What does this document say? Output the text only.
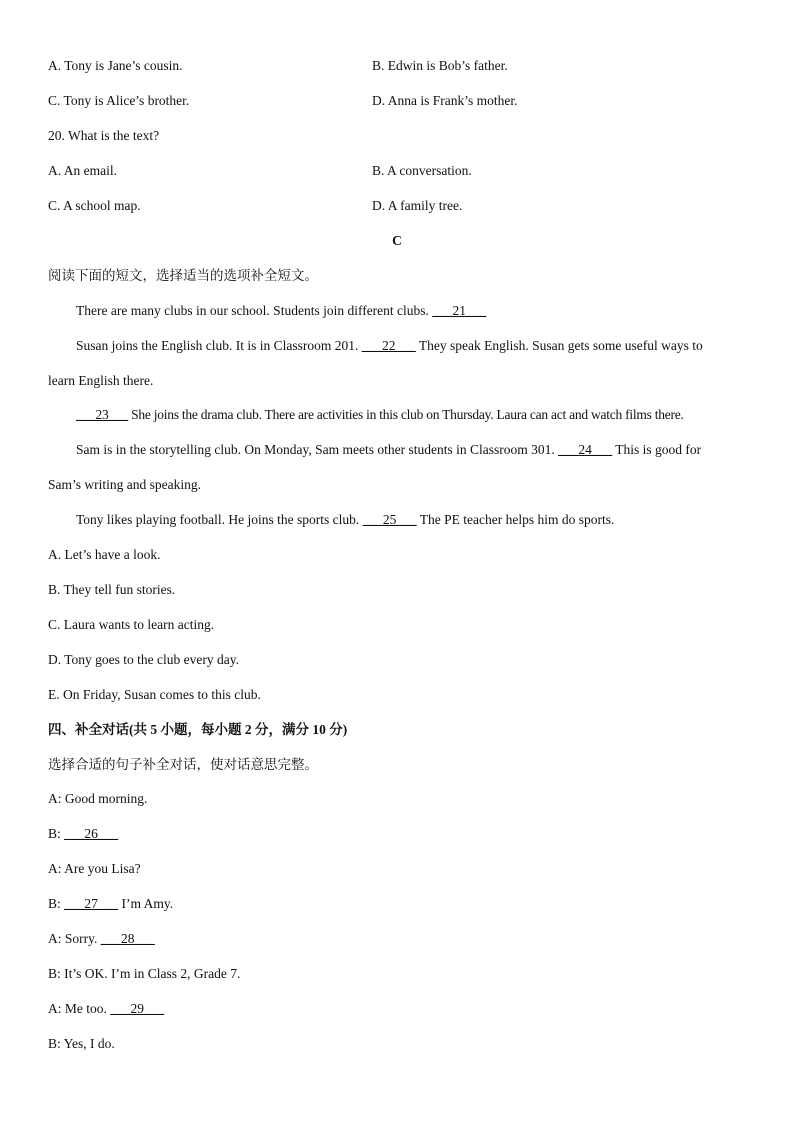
A. Tony is Jane’s cousin.	B. Edwin is Bob’s father.
C. Tony is Alice’s brother.	D. Anna is Frank’s mother.
20. What is the text?
A. An email.	B. A conversation.
C. A school map.	D. A family tree.
C
阅读下面的短文，选择适当的选项补全短文。
There are many clubs in our school. Students join different clubs. ___21___
Susan joins the English club. It is in Classroom 201. ___22___ They speak English. Susan gets some useful ways to
learn English there.
___23___ She joins the drama club. There are activities in this club on Thursday. Laura can act and watch films there.
Sam is in the storytelling club. On Monday, Sam meets other students in Classroom 301. ___24___ This is good for
Sam’s writing and speaking.
Tony likes playing football. He joins the sports club. ___25___ The PE teacher helps him do sports.
A. Let’s have a look.
B. They tell fun stories.
C. Laura wants to learn acting.
D. Tony goes to the club every day.
E. On Friday, Susan comes to this club.
四、补全对话(共 5 小题，每小题 2 分，满分 10 分)
选择合适的句子补全对话，使对话意思完整。
A: Good morning.
B: ___26___
A: Are you Lisa?
B: ___27___ I’m Amy.
A: Sorry. ___28___
B: It’s OK. I’m in Class 2, Grade 7.
A: Me too. ___29___
B: Yes, I do.
